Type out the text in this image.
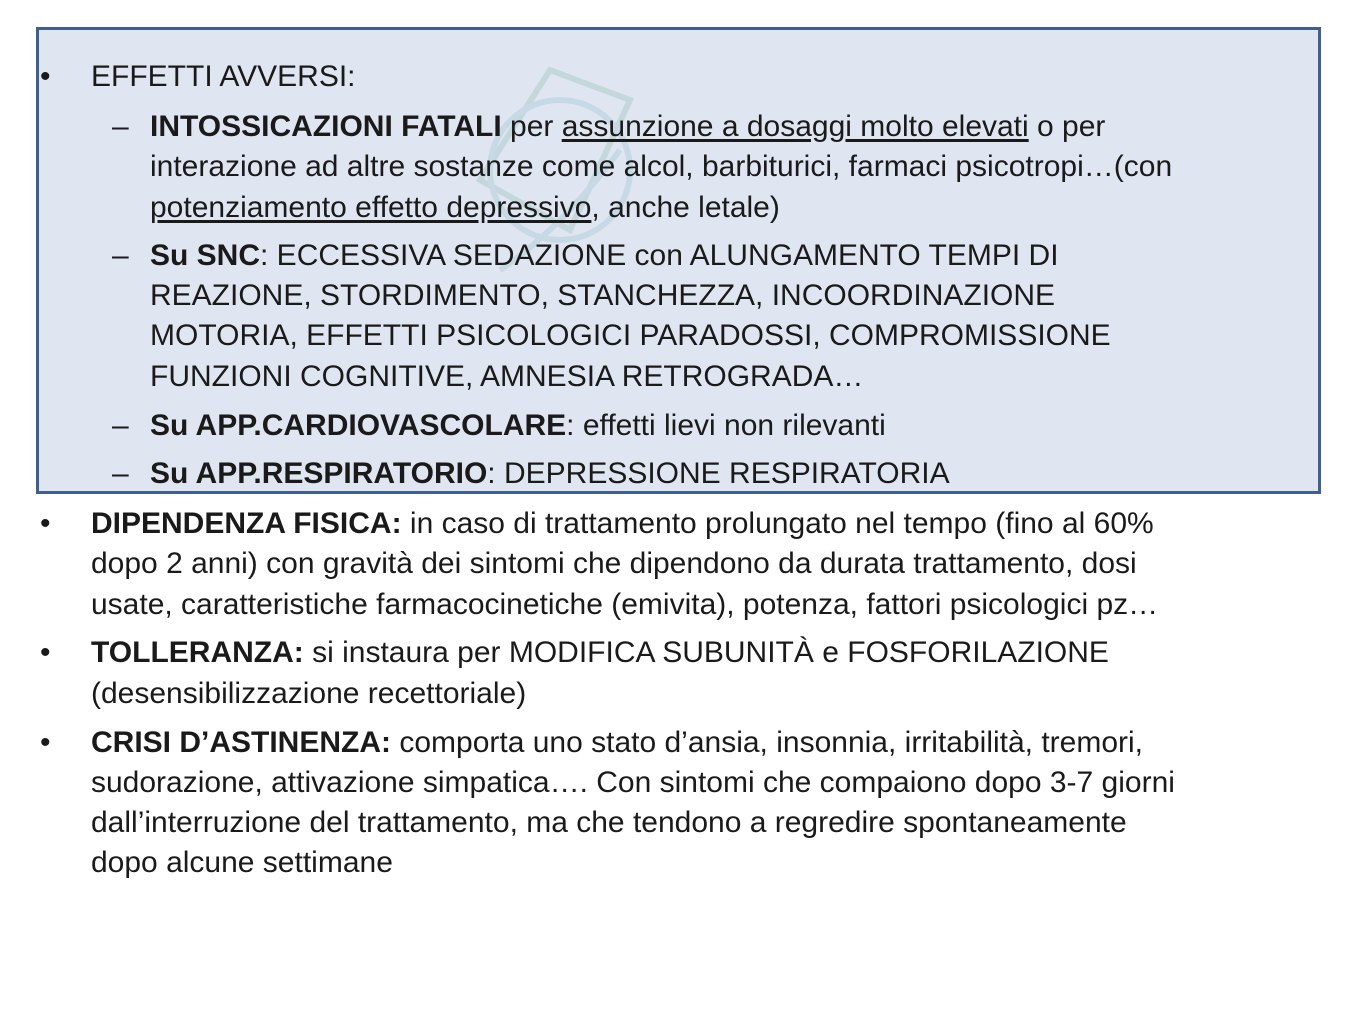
• EFFETTI AVVERSI:
– INTOSSICAZIONI FATALI per assunzione a dosaggi molto elevati o per
interazione ad altre sostanze come alcol, barbiturici, farmaci psicotropi…(con
potenziamento effetto depressivo, anche letale)
– Su SNC: ECCESSIVA SEDAZIONE con ALUNGAMENTO TEMPI DI
REAZIONE, STORDIMENTO, STANCHEZZA, INCOORDINAZIONE
MOTORIA, EFFETTI PSICOLOGICI PARADOSSI, COMPROMISSIONE
FUNZIONI COGNITIVE, AMNESIA RETROGRADA…
– Su APP.CARDIOVASCOLARE: effetti lievi non rilevanti
– Su APP.RESPIRATORIO: DEPRESSIONE RESPIRATORIA
• DIPENDENZA FISICA: in caso di trattamento prolungato nel tempo (fino al 60%
dopo 2 anni) con gravità dei sintomi che dipendono da durata trattamento, dosi
usate, caratteristiche farmacocinetiche (emivita), potenza, fattori psicologici pz…
• TOLLERANZA: si instaura per MODIFICA SUBUNITÀ e FOSFORILAZIONE
(desensibilizzazione recettoriale)
• CRISI D’ASTINENZA: comporta uno stato d’ansia, insonnia, irritabilità, tremori,
sudorazione, attivazione simpatica…. Con sintomi che compaiono dopo 3-7 giorni
dall’interruzione del trattamento, ma che tendono a regredire spontaneamente
dopo alcune settimane
